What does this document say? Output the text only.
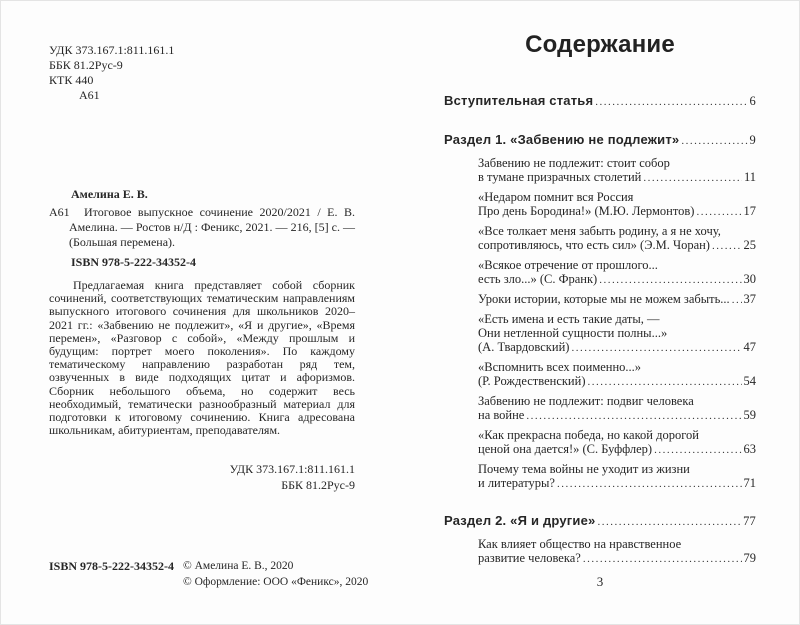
УДК 373.167.1:811.161.1
ББК 81.2Рус-9
КТК 440
А61
Амелина Е. В.
А61	Итоговое выпускное сочинение 2020/2021 / Е. В. Амелина. — Ростов н/Д : Феникс, 2021. — 216, [5] с. — (Большая перемена).

ISBN 978-5-222-34352-4

Предлагаемая книга представляет собой сборник сочинений, соответствующих тематическим направлениям выпускного итогового сочинения для школьников 2020–2021 гг.: «Забвению не подлежит», «Я и другие», «Время перемен», «Разговор с собой», «Между прошлым и будущим: портрет моего поколения». По каждому тематическому направлению разработан ряд тем, озвученных в виде подходящих цитат и афоризмов. Сборник небольшого объема, но содержит весь необходимый, тематически разнообразный материал для подготовки к итоговому сочинению. Книга адресована школьникам, абитуриентам, преподавателям.

УДК 373.167.1:811.161.1
ББК 81.2Рус-9
ISBN 978-5-222-34352-4 © Амелина Е. В., 2020
© Оформление: ООО «Феникс», 2020
Содержание
Вступительная статья .....	6
Раздел 1. «Забвению не подлежит» .....	9
Забвению не подлежит: стоит собор
в тумане призрачных столетий .....	11
«Недаром помнит вся Россия
Про день Бородина!» (М.Ю. Лермонтов) .....	17
«Все толкает меня забыть родину, а я не хочу,
сопротивляюсь, что есть сил» (Э.М. Чоран) .....	25
«Всякое отречение от прошлого...
есть зло...» (С. Франк) .....	30
Уроки истории, которые мы не можем забыть... ..... 37
«Есть имена и есть такие даты, —
Они нетленной сущности полны...»
(А. Твардовский) .....	47
«Вспомнить всех поименно...»
(Р. Рождественский) .....	54
Забвению не подлежит: подвиг человека
на войне .....	59
«Как прекрасна победа, но какой дорогой
ценой она дается!» (С. Буффлер) .....	63
Почему тема войны не уходит из жизни
и литературы? .....	71
Раздел 2. «Я и другие» .....	77
Как влияет общество на нравственное
развитие человека? .....	79
3
